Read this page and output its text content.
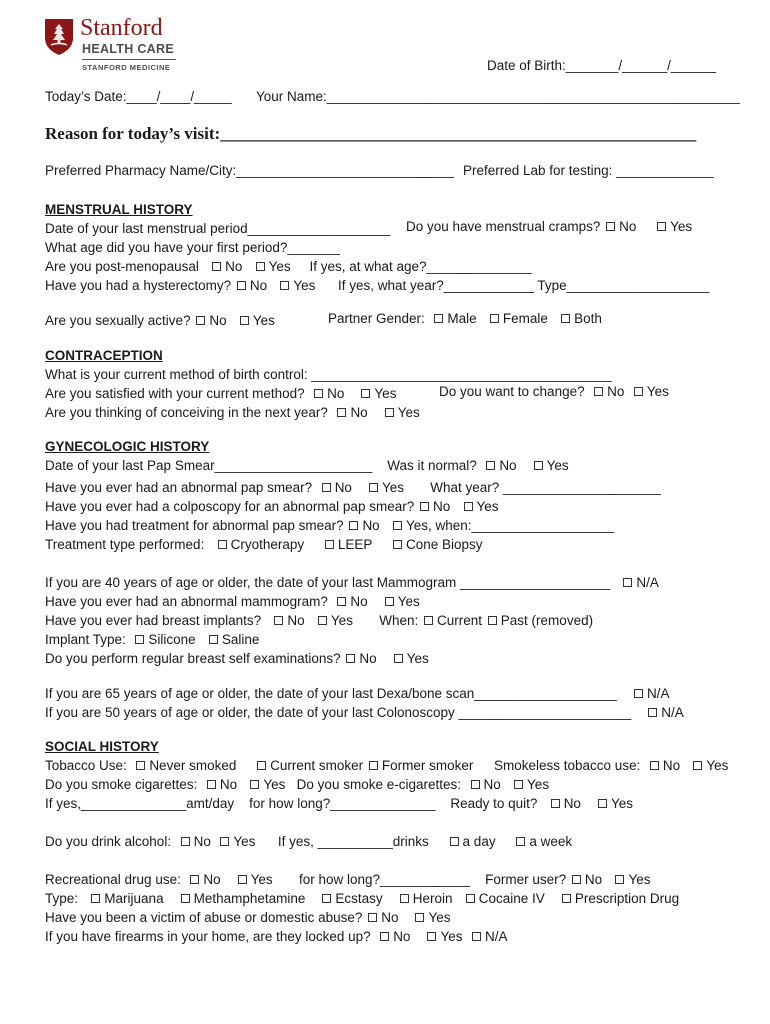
Stanford
HEALTH CARE
STANFORD MEDICINE	Date of Birth:_______/______/______
Today’s Date:____/____/_____ Your Name:_______________________________________________________
Reason for today’s visit:________________________________________________________
Preferred Pharmacy Name/City:_____________________________ Preferred Lab for testing: _____________
MENSTRUAL HISTORY
Date of your last menstrual period___________________ Do you have menstrual cramps? No	Yes
What age did you have your first period?_______
Are you post-menopausal No Yes If yes, at what age?______________
Have you had a hysterectomy? No Yes If yes, what year?____________ Type___________________
Are you sexually active? No Yes	Partner Gender: Male Female Both
CONTRACEPTION
What is your current method of birth control: ________________________________________
Are you satisfied with your current method? No Yes	Do you want to change? No Yes
Are you thinking of conceiving in the next year? No Yes
GYNECOLOGIC HISTORY
Date of your last Pap Smear_____________________ Was it normal? No Yes
Have you ever had an abnormal pap smear? No Yes What year? _____________________
Have you ever had a colposcopy for an abnormal pap smear? No Yes
Have you had treatment for abnormal pap smear? No Yes, when:___________________
Treatment type performed: Cryotherapy	LEEP	Cone Biopsy
If you are 40 years of age or older, the date of your last Mammogram ____________________ N/A
Have you ever had an abnormal mammogram? No Yes
Have you ever had breast implants? No Yes When: Current Past (removed)
Implant Type: Silicone Saline
Do you perform regular breast self examinations? No Yes
If you are 65 years of age or older, the date of your last Dexa/bone scan___________________ N/A
If you are 50 years of age or older, the date of your last Colonoscopy _______________________ N/A
SOCIAL HISTORY
Tobacco Use: Never smoked	Current smoker Former smoker Smokeless tobacco use: No Yes
Do you smoke cigarettes: No Yes Do you smoke e-cigarettes: No Yes
If yes,______________amt/day for how long?______________ Ready to quit? No Yes
Do you drink alcohol: No Yes If yes, __________drinks	a day	a week
Recreational drug use: No Yes for how long?____________ Former user? No Yes
Type: Marijuana Methamphetamine Ecstasy Heroin Cocaine IV Prescription Drug
Have you been a victim of abuse or domestic abuse? No Yes
If you have firearms in your home, are they locked up? No Yes N/A
